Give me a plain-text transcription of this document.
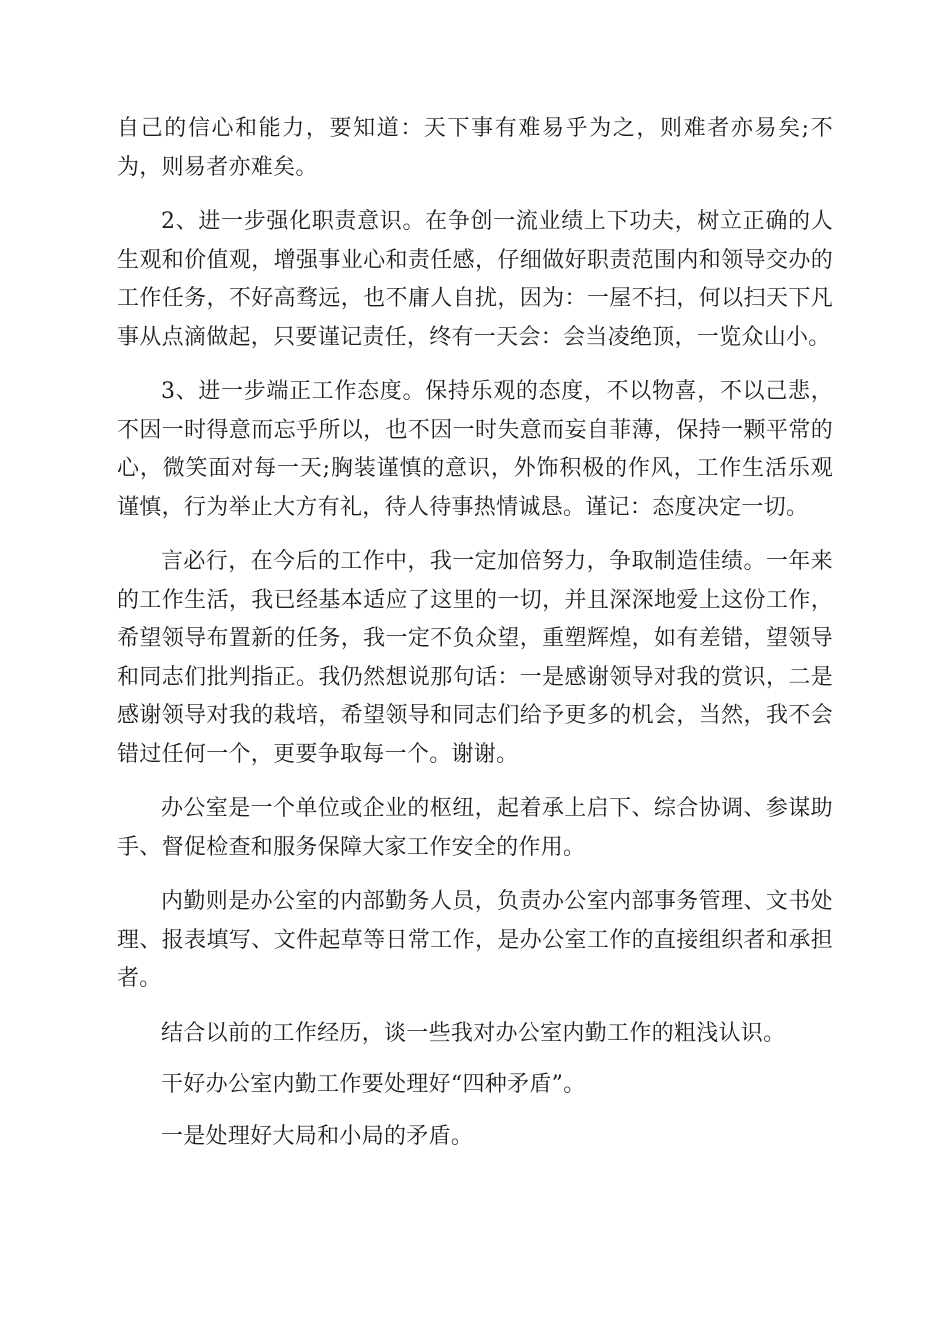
自己的信心和能力，要知道：天下事有难易乎为之，则难者亦易矣;不为，则易者亦难矣。

2、进一步强化职责意识。在争创一流业绩上下功夫，树立正确的人生观和价值观，增强事业心和责任感，仔细做好职责范围内和领导交办的工作任务，不好高骛远，也不庸人自扰，因为：一屋不扫，何以扫天下凡事从点滴做起，只要谨记责任，终有一天会：会当凌绝顶，一览众山小。

3、进一步端正工作态度。保持乐观的态度，不以物喜，不以己悲，不因一时得意而忘乎所以，也不因一时失意而妄自菲薄，保持一颗平常的心，微笑面对每一天;胸装谨慎的意识，外饰积极的作风，工作生活乐观谨慎，行为举止大方有礼，待人待事热情诚恳。谨记：态度决定一切。

言必行，在今后的工作中，我一定加倍努力，争取制造佳绩。一年来的工作生活，我已经基本适应了这里的一切，并且深深地爱上这份工作，希望领导布置新的任务，我一定不负众望，重塑辉煌，如有差错，望领导和同志们批判指正。我仍然想说那句话：一是感谢领导对我的赏识，二是感谢领导对我的栽培，希望领导和同志们给予更多的机会，当然，我不会错过任何一个，更要争取每一个。谢谢。

办公室是一个单位或企业的枢纽，起着承上启下、综合协调、参谋助手、督促检查和服务保障大家工作安全的作用。

内勤则是办公室的内部勤务人员，负责办公室内部事务管理、文书处理、报表填写、文件起草等日常工作，是办公室工作的直接组织者和承担者。

结合以前的工作经历，谈一些我对办公室内勤工作的粗浅认识。

干好办公室内勤工作要处理好“四种矛盾”。

一是处理好大局和小局的矛盾。
